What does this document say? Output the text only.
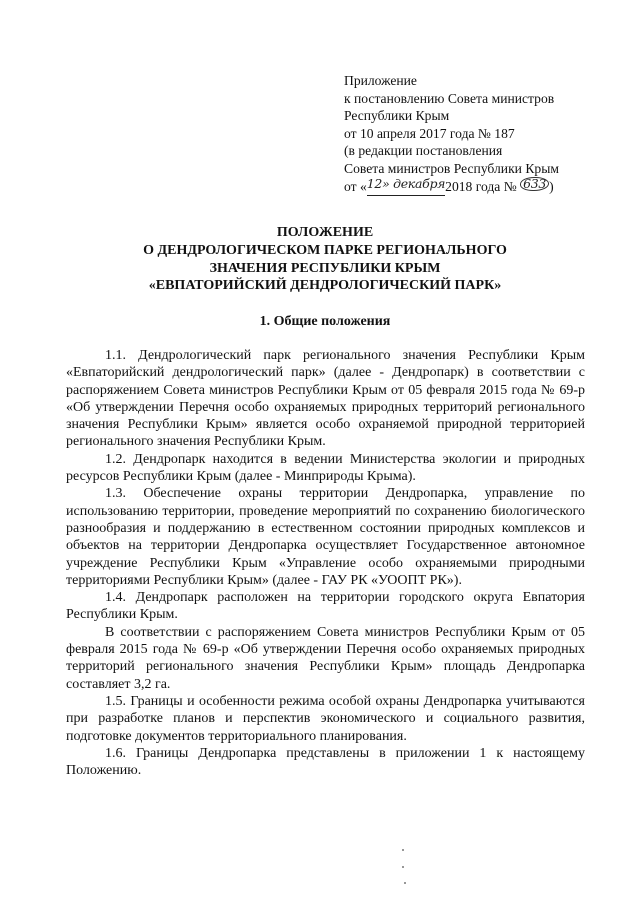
Приложение
к постановлению Совета министров
Республики Крым
от 10 апреля 2017 года № 187
(в редакции постановления
Совета министров Республики Крым
от «12» декабря2018 года № 633 )
ПОЛОЖЕНИЕ
О ДЕНДРОЛОГИЧЕСКОМ ПАРКЕ РЕГИОНАЛЬНОГО
ЗНАЧЕНИЯ РЕСПУБЛИКИ КРЫМ
«ЕВПАТОРИЙСКИЙ ДЕНДРОЛОГИЧЕСКИЙ ПАРК»
1. Общие положения

1.1. Дендрологический парк регионального значения Республики Крым «Евпаторийский дендрологический парк» (далее - Дендропарк) в соответствии с распоряжением Совета министров Республики Крым от 05 февраля 2015 года № 69-р «Об утверждении Перечня особо охраняемых природных территорий регионального значения Республики Крым» является особо охраняемой природной территорией регионального значения Республики Крым.

1.2. Дендропарк находится в ведении Министерства экологии и природных ресурсов Республики Крым (далее - Минприроды Крыма).

1.3. Обеспечение охраны территории Дендропарка, управление по использованию территории, проведение мероприятий по сохранению биологического разнообразия и поддержанию в естественном состоянии природных комплексов и объектов на территории Дендропарка осуществляет Государственное автономное учреждение Республики Крым «Управление особо охраняемыми природными территориями Республики Крым» (далее - ГАУ РК «УООПТ РК»).

1.4. Дендропарк расположен на территории городского округа Евпатория Республики Крым.

В соответствии с распоряжением Совета министров Республики Крым от 05 февраля 2015 года № 69-р «Об утверждении Перечня особо охраняемых природных территорий регионального значения Республики Крым» площадь Дендропарка составляет 3,2 га.

1.5. Границы и особенности режима особой охраны Дендропарка учитываются при разработке планов и перспектив экономического и социального развития, подготовке документов территориального планирования.

1.6. Границы Дендропарка представлены в приложении 1 к настоящему Положению.
